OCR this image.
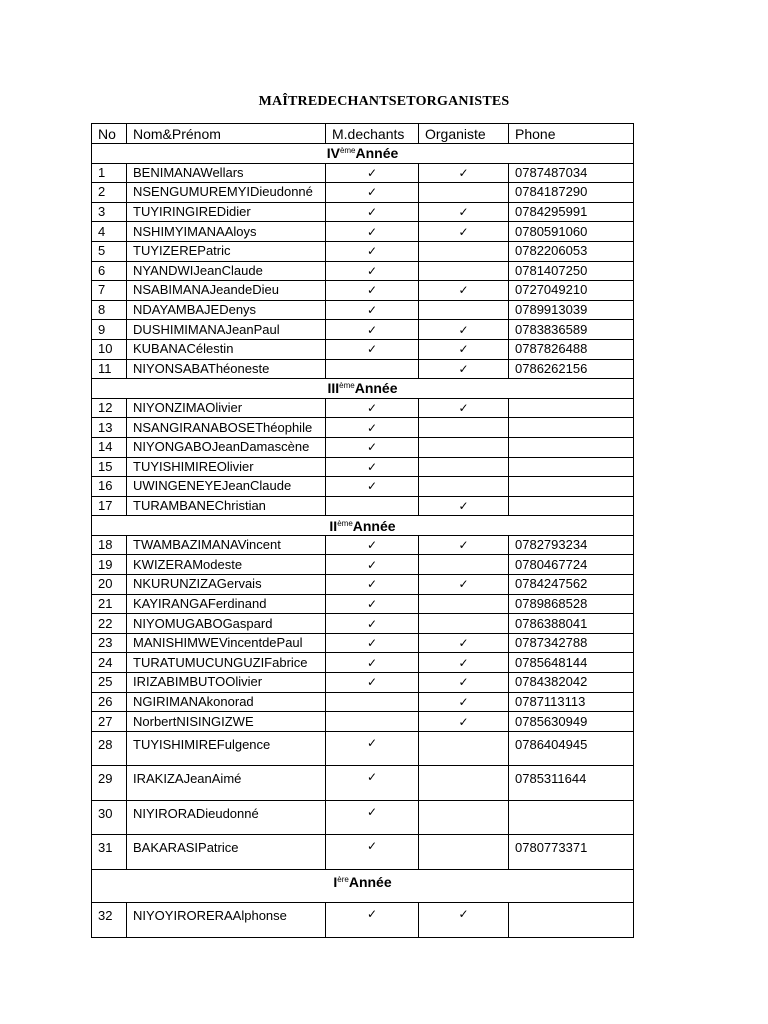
MAÎTREDECHANTSETORGANISTES
No	Nom&Prénom	M.dechants	Organiste	Phone
IVèmeAnnée				
1	BENIMANAWellars	✓	✓	0787487034
2	NSENGUMUREMYIDieudonné	✓		0784187290
3	TUYIRINGIREDidier	✓	✓	0784295991
4	NSHIMYIMANAAloys	✓	✓	0780591060
5	TUYIZEREPatric	✓		0782206053
6	NYANDWIJeanClaude	✓		0781407250
7	NSABIMANAJeandeDieu	✓	✓	0727049210
8	NDAYAMBAJEDenys	✓		0789913039
9	DUSHIMIMANAJeanPaul	✓	✓	0783836589
10	KUBANACélestin	✓	✓	0787826488
11	NIYONSABAThéoneste		✓	0786262156
IIIèmeAnnée				
12	NIYONZIMAOlivier	✓	✓	
13	NSANGIRANABOSEThéophile	✓		
14	NIYONGABOJeanDamascène	✓		
15	TUYISHIMIREOlivier	✓		
16	UWINGENEYEJeanClaude	✓		
17	TURAMBANEChristian		✓	
IIèmeAnnée				
18	TWAMBAZIMANAVincent	✓	✓	0782793234
19	KWIZERAModeste	✓		0780467724
20	NKURUNZIZAGervais	✓	✓	0784247562
21	KAYIRANGAFerdinand	✓		0789868528
22	NIYOMUGABOGaspard	✓		0786388041
23	MANISHIMWEVincentdePaul	✓	✓	0787342788
24	TURATUMUCUNGUZIFabrice	✓	✓	0785648144
25	IRIZABIMBUTOOlivier	✓	✓	0784382042
26	NGIRIMANAkonorad		✓	0787113113
27	NorbertNISINGIZWE		✓	0785630949
28	TUYISHIMIREFulgence	✓		0786404945
29	IRAKIZAJeanAimé	✓		0785311644
30	NIYIRORADieudonné	✓		
31	BAKARASIPatrice	✓		0780773371
IèreAnnée				
32	NIYOYIRORERAAlphonse	✓	✓	
